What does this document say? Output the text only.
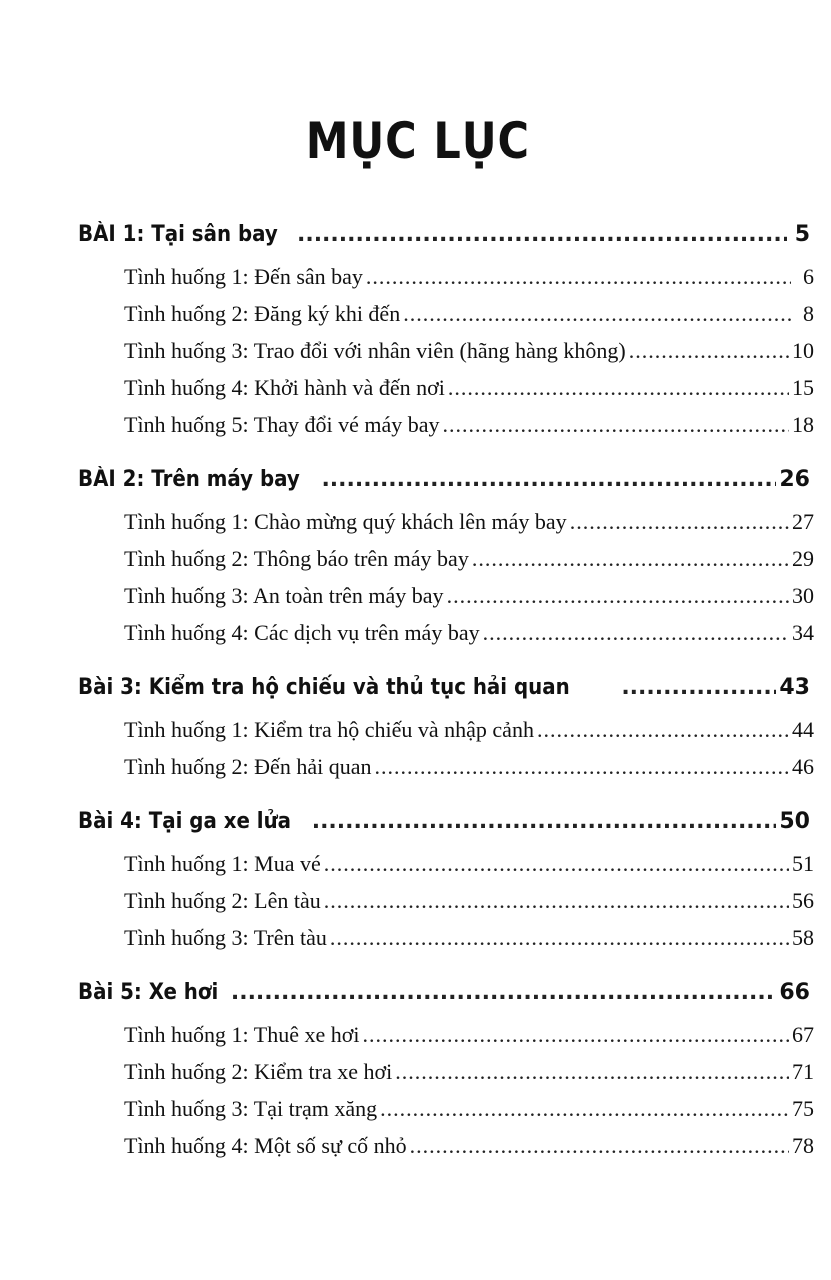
MỤC LỤC
BÀI 1: Tại sân bay .....	5
Tình huống 1: Đến sân bay .....	6
Tình huống 2: Đăng ký khi đến .....	8
Tình huống 3: Trao đổi với nhân viên (hãng hàng không) .....	10
Tình huống 4: Khởi hành và đến nơi .....	15
Tình huống 5: Thay đổi vé máy bay .....	18
BÀI 2: Trên máy bay .....	26
Tình huống 1: Chào mừng quý khách lên máy bay .....	27
Tình huống 2: Thông báo trên máy bay .....	29
Tình huống 3: An toàn trên máy bay .....	30
Tình huống 4: Các dịch vụ trên máy bay .....	34
Bài 3: Kiểm tra hộ chiếu và thủ tục hải quan .....	43
Tình huống 1: Kiểm tra hộ chiếu và nhập cảnh .....	44
Tình huống 2: Đến hải quan .....	46
Bài 4: Tại ga xe lửa .....	50
Tình huống 1: Mua vé .....	51
Tình huống 2: Lên tàu .....	56
Tình huống 3: Trên tàu .....	58
Bài 5: Xe hơi .....	66
Tình huống 1: Thuê xe hơi .....	67
Tình huống 2: Kiểm tra xe hơi .....	71
Tình huống 3: Tại trạm xăng .....	75
Tình huống 4: Một số sự cố nhỏ .....	78
